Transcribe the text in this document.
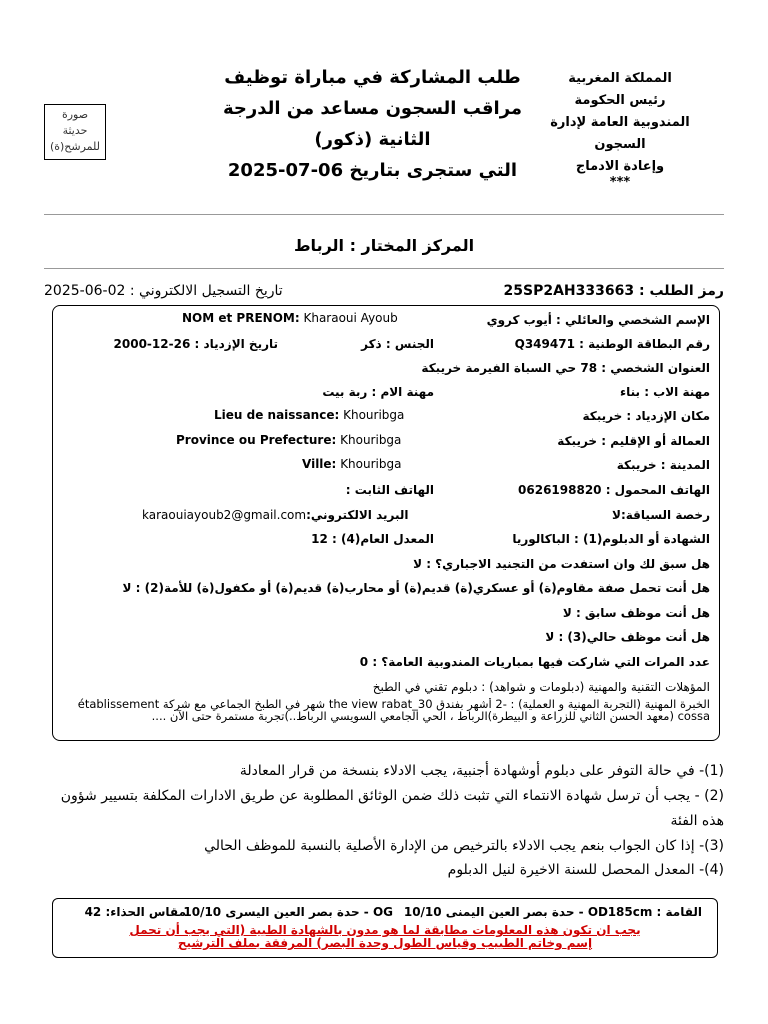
المملكة المغربية
رئيس الحكومة
المندوبية العامة لإدارة
السجون
وإعادة الادماج
***
طلب المشاركة في مباراة توظيف
مراقب السجون مساعد من الدرجة
الثانية (ذكور)
التي ستجرى بتاريخ 06-07-2025
صورة
حديثة
للمرشح(ة)
المركز المختار : الرباط
رمز الطلب : 25SP2AH333663
تاريخ التسجيل الالكتروني : 02-06-2025
الإسم الشخصي والعائلي : أيوب كروي
رقم البطاقة الوطنية : Q349471
العنوان الشخصي : 78 حي السباة الفيرمة خريبكة
مهنة الاب : بناء
مكان الإزدياد : خريبكة
العمالة أو الإقليم : خريبكة
المدينة : خريبكة
الهاتف المحمول : 0626198820
رخصة السياقة:لا
الشهادة أو الدبلوم(1) : الباكالوريا
NOM et PRENOM: Kharaoui Ayoub
الجنس : ذكر
تاريخ الإزدياد : 26-12-2000
مهنة الام : ربة بيت
Lieu de naissance: Khouribga
Province ou Prefecture: Khouribga
Ville: Khouribga
الهاتف الثابت :
karaouiayoub2@gmail.comالبريد الالكتروني:
المعدل العام(4) : 12
هل سبق لك وان استفدت من التجنيد الاجباري؟ : لا
هل أنت تحمل صفة مقاوم(ة) أو عسكري(ة) قديم(ة) أو محارب(ة) قديم(ة) أو مكفول(ة) للأمة(2) : لا
هل أنت موظف سابق : لا
هل أنت موظف حالي(3) : لا
عدد المرات التي شاركت فيها بمباريات المندوبية العامة؟ : 0
المؤهلات التقنية والمهنية (دبلومات و شواهد) : دبلوم تقني في الطبخ
الخبرة المهنية (التجربة المهنية و العملية) : -2 أشهر بفندق the view rabat_30 شهر في الطبخ الجماعي مع شركة établissement cossa (معهد الحسن الثاني للزراعة و البيطرة)الرباط ، الحي الجامعي السويسي الرباط..)تجربة مستمرة حتى الآن ....
(1)- في حالة التوفر على دبلوم أوشهادة أجنبية، يجب الادلاء بنسخة من قرار المعادلة
(2) - يجب أن ترسل شهادة الانتماء التي تثبت ذلك ضمن الوثائق المطلوبة عن طريق الادارات المكلفة بتسيير شؤون
هذه الفئة
(3)- إذا كان الجواب بنعم يجب الادلاء بالترخيص من الإدارة الأصلية بالنسبة للموظف الحالي
(4)- المعدل المحصل للسنة الاخيرة لنيل الدبلوم
القامة : 185cm
OD - حدة بصر العين اليمنى 10/10
OG - حدة بصر العين اليسرى 10/10
مقاس الحذاء: 42
يجب ان تكون هذه المعلومات مطابقة لما هو مدون بالشهادة الطبية (التي يجب أن تحمل
إسم وخاتم الطبيب وقياس الطول وحدة البصر) المرفقة بملف الترشيح
